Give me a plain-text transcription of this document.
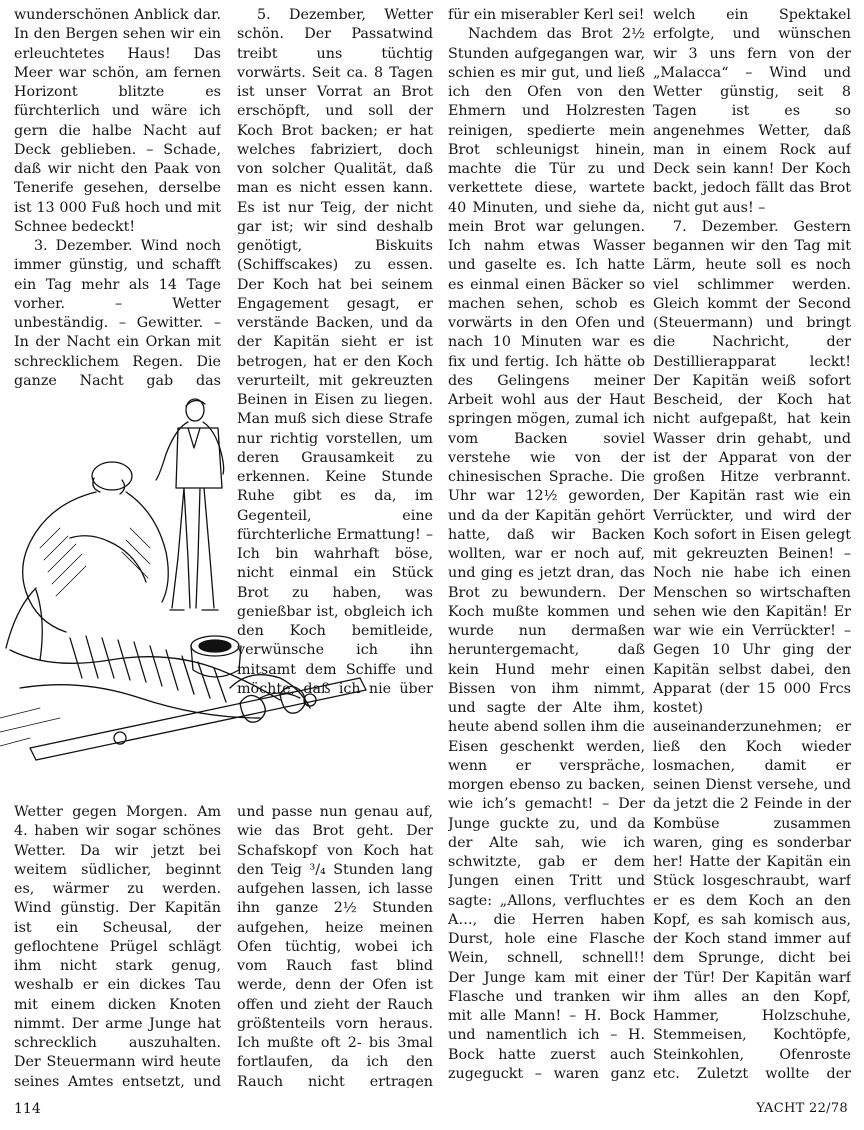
wunderschönen Anblick dar. In den Bergen sehen wir ein erleuchtetes Haus! Das Meer war schön, am fernen Horizont blitzte es fürchterlich und wäre ich gern die halbe Nacht auf Deck geblieben. – Schade, daß wir nicht den Paak von Tenerife gesehen, derselbe ist 13 000 Fuß hoch und mit Schnee bedeckt!

3. Dezember. Wind noch immer günstig, und schafft ein Tag mehr als 14 Tage vorher. – Wetter unbeständig. – Gewitter. – In der Nacht ein Orkan mit schrecklichem Regen. Die ganze Nacht gab das

5. Dezember, Wetter schön. Der Passatwind treibt uns tüchtig vorwärts. Seit ca. 8 Tagen ist unser Vorrat an Brot erschöpft, und soll der Koch Brot backen; er hat welches fabriziert, doch von solcher Qualität, daß man es nicht essen kann. Es ist nur Teig, der nicht gar ist; wir sind deshalb genötigt, Biskuits (Schiffscakes) zu essen. Der Koch hat bei seinem Engagement gesagt, er verstände Backen, und da der Kapitän sieht er ist betrogen, hat er den Koch verurteilt, mit gekreuzten Beinen in Eisen zu liegen. Man muß sich diese Strafe nur richtig vorstellen, um deren Grausamkeit zu erkennen. Keine Stunde Ruhe gibt es da, im Gegenteil, eine fürchterliche Ermattung! – Ich bin wahrhaft böse, nicht einmal ein Stück Brot zu haben, was genießbar ist, obgleich ich den Koch bemitleide, verwünsche ich ihn mitsamt dem Schiffe und möchte, daß ich nie über

für ein miserabler Kerl sei!

Nachdem das Brot 2½ Stunden aufgegangen war, schien es mir gut, und ließ ich den Ofen von den Ehmern und Holzresten reinigen, spedierte mein Brot schleunigst hinein, machte die Tür zu und verkettete diese, wartete 40 Minuten, und siehe da, mein Brot war gelungen. Ich nahm etwas Wasser und gaselte es. Ich hatte es einmal einen Bäcker so machen sehen, schob es vorwärts in den Ofen und nach 10 Minuten war es fix und fertig. Ich hätte ob des Gelingens meiner Arbeit wohl aus der Haut springen mögen, zumal ich vom Backen soviel verstehe wie von der chinesischen Sprache. Die Uhr war 12½ geworden, und da der Kapitän gehört hatte, daß wir Backen wollten, war er noch auf, und ging es jetzt dran, das Brot zu bewundern. Der Koch mußte kommen und wurde nun dermaßen heruntergemacht, daß kein Hund mehr einen Bissen von ihm nimmt, und sagte der Alte ihm, heute abend sollen ihm die Eisen geschenkt werden, wenn er verspräche, morgen ebenso zu backen, wie ich’s gemacht! – Der Junge guckte zu, und da der Alte sah, wie ich schwitzte, gab er dem Jungen einen Tritt und sagte: „Allons, verfluchtes A…, die Herren haben Durst, hole eine Flasche Wein, schnell, schnell!! Der Junge kam mit einer Flasche und tranken wir mit alle Mann! – H. Bock und namentlich ich – H. Bock hatte zuerst auch zugeguckt – waren ganz

welch ein Spektakel erfolgte, und wünschen wir 3 uns fern von der „Malacca“ – Wind und Wetter günstig, seit 8 Tagen ist es so angenehmes Wetter, daß man in einem Rock auf Deck sein kann! Der Koch backt, jedoch fällt das Brot nicht gut aus! –

7. Dezember. Gestern begannen wir den Tag mit Lärm, heute soll es noch viel schlimmer werden. Gleich kommt der Second (Steuermann) und bringt die Nachricht, der Destillierapparat leckt! Der Kapitän weiß sofort Bescheid, der Koch hat nicht aufgepaßt, hat kein Wasser drin gehabt, und ist der Apparat von der großen Hitze verbrannt. Der Kapitän rast wie ein Verrückter, und wird der Koch sofort in Eisen gelegt mit gekreuzten Beinen! – Noch nie habe ich einen Menschen so wirtschaften sehen wie den Kapitän! Er war wie ein Verrückter! – Gegen 10 Uhr ging der Kapitän selbst dabei, den Apparat (der 15 000 Frcs kostet) auseinanderzunehmen; er ließ den Koch wieder losmachen, damit er seinen Dienst versehe, und da jetzt die 2 Feinde in der Kombüse zusammen waren, ging es sonderbar her! Hatte der Kapitän ein Stück losgeschraubt, warf er es dem Koch an den Kopf, es sah komisch aus, der Koch stand immer auf dem Sprunge, dicht bei der Tür! Der Kapitän warf ihm alles an den Kopf, Hammer, Holzschuhe, Stemmeisen, Kochtöpfe, Steinkohlen, Ofenroste etc. Zuletzt wollte der

Wetter gegen Morgen. Am 4. haben wir sogar schönes Wetter. Da wir jetzt bei weitem südlicher, beginnt es, wärmer zu werden. Wind günstig. Der Kapitän ist ein Scheusal, der geflochtene Prügel schlägt ihm nicht stark genug, weshalb er ein dickes Tau mit einem dicken Knoten nimmt. Der arme Junge hat schrecklich auszuhalten. Der Steuermann wird heute seines Amtes entsetzt, und

und passe nun genau auf, wie das Brot geht. Der Schafskopf von Koch hat den Teig ³/₄ Stunden lang aufgehen lassen, ich lasse ihn ganze 2½ Stunden aufgehen, heize meinen Ofen tüchtig, wobei ich vom Rauch fast blind werde, denn der Ofen ist offen und zieht der Rauch größtenteils vorn heraus. Ich mußte oft 2- bis 3mal fortlaufen, da ich den Rauch nicht ertragen

114	YACHT 22/78
